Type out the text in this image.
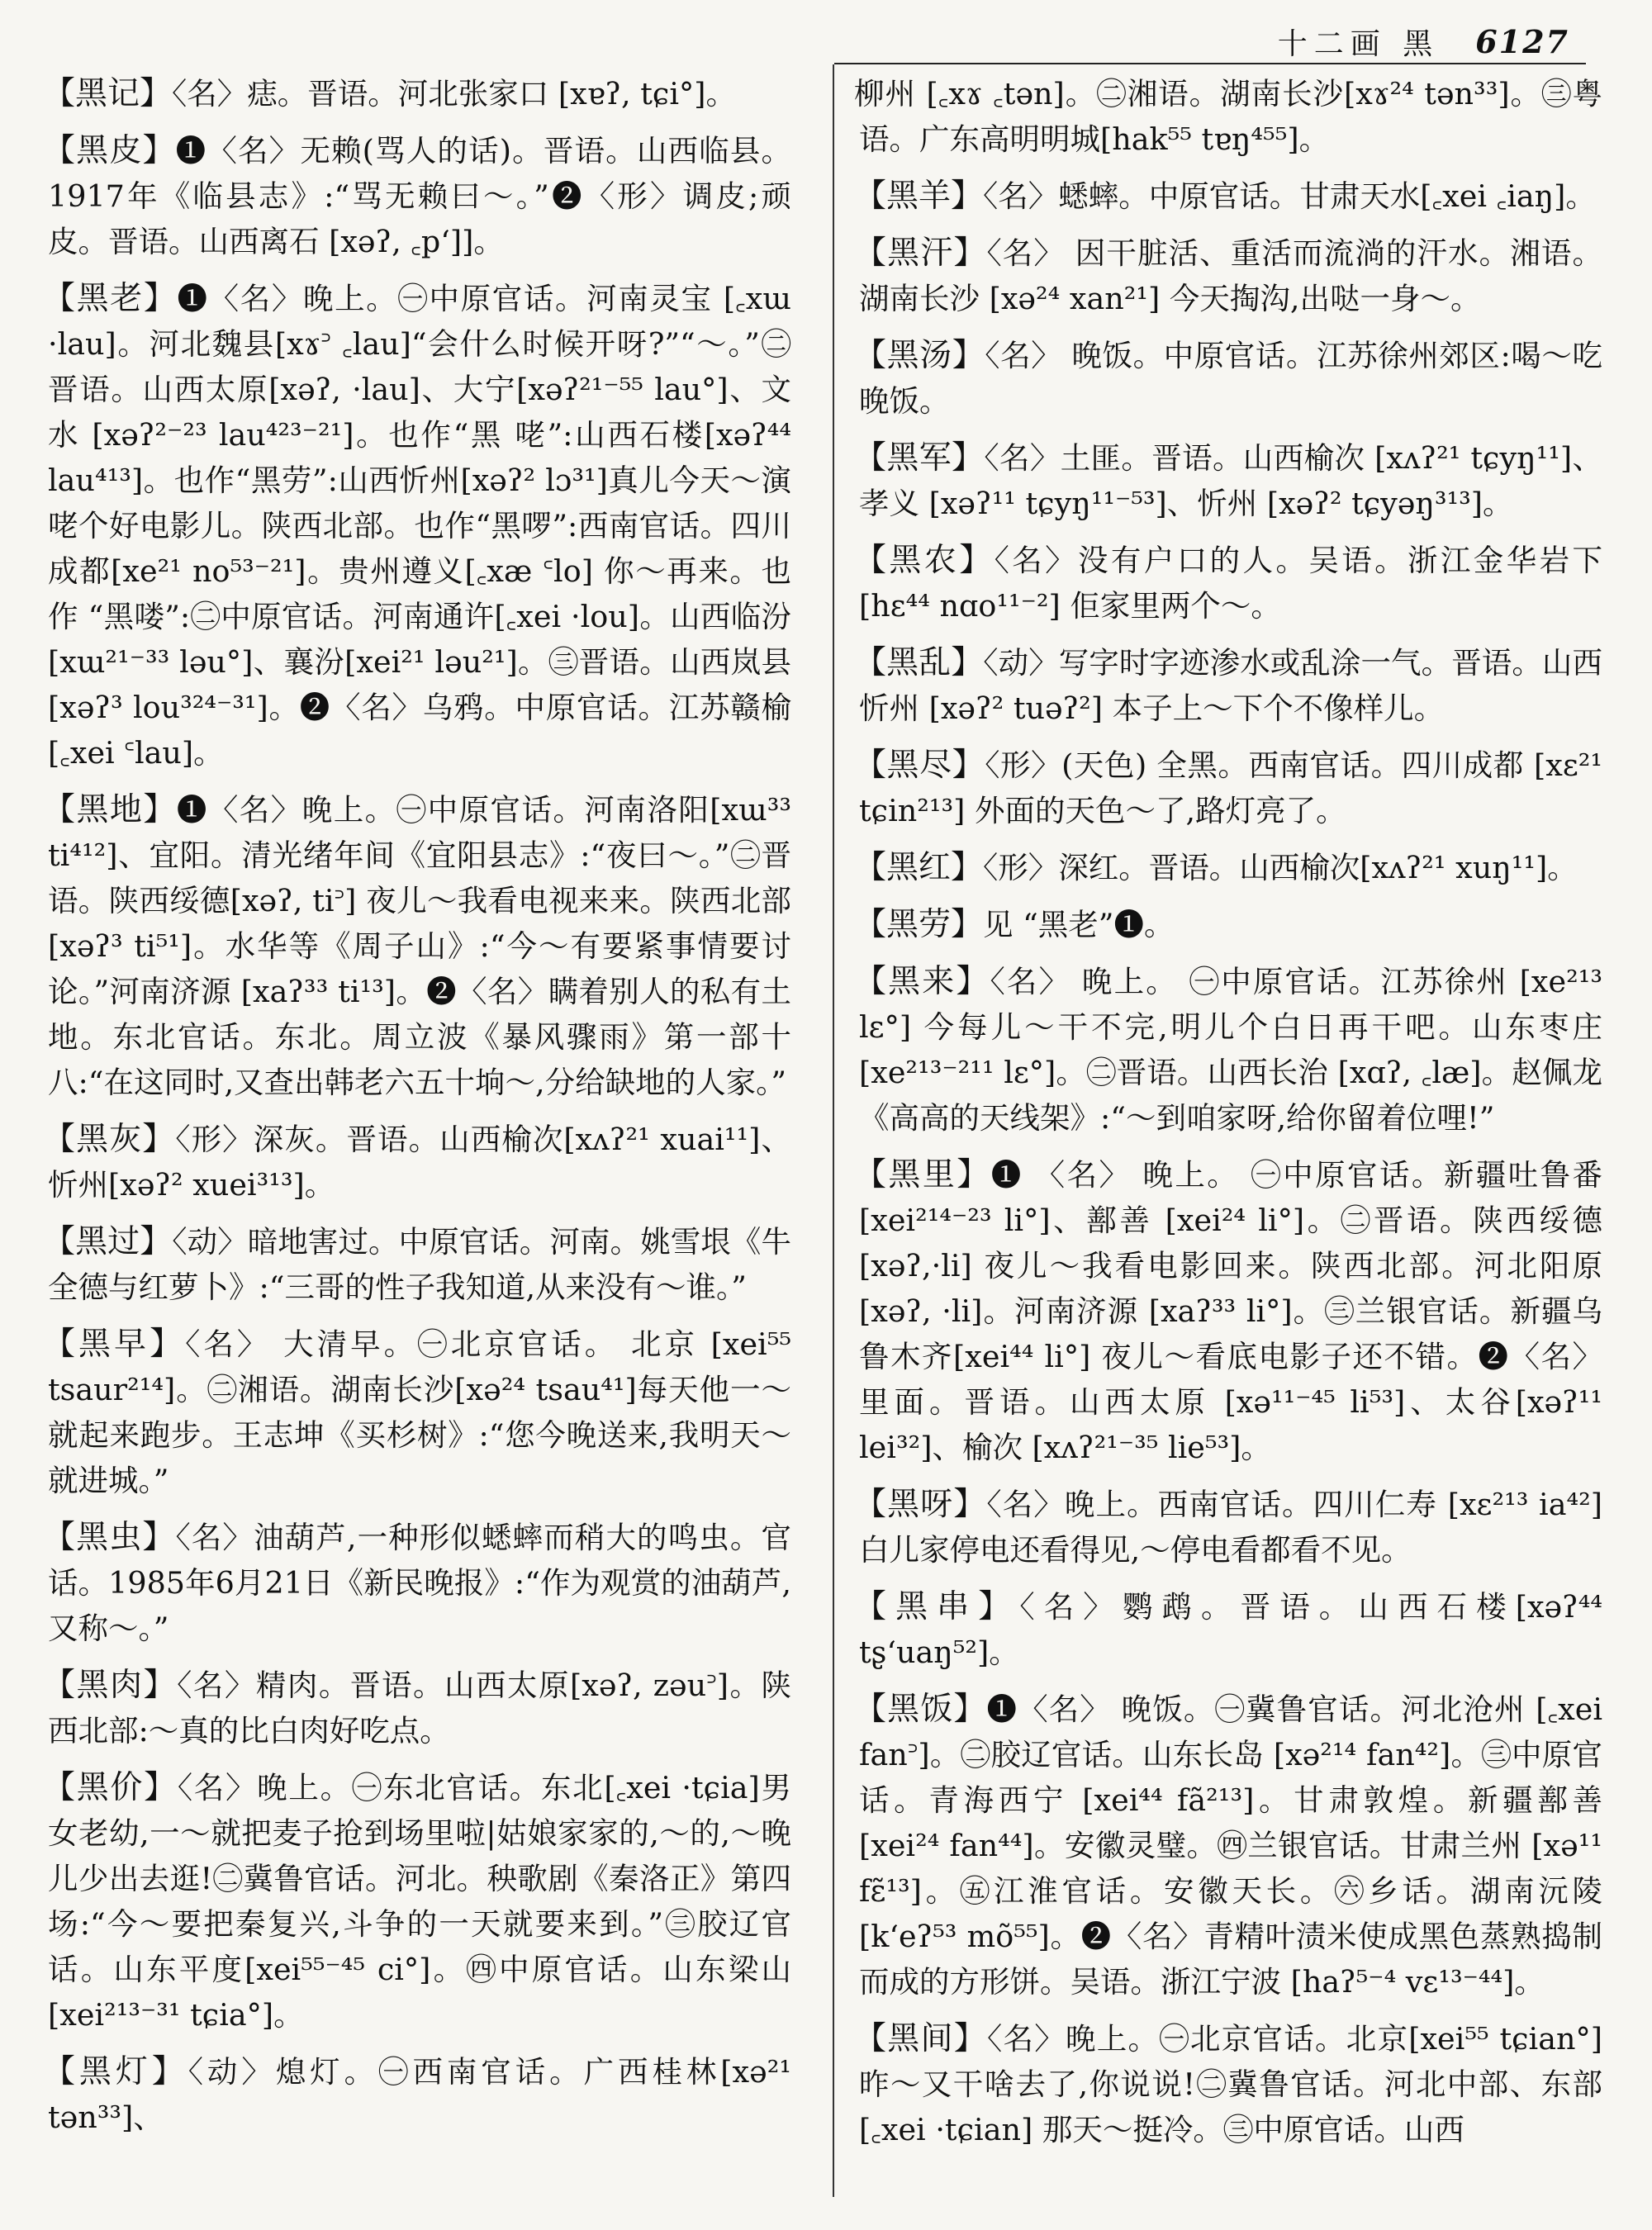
十二画 黑 6127
【黑记】〈名〉痣。晋语。河北张家口 [xɐʔ, tɕi°]。
【黑皮】❶〈名〉无赖(骂人的话)。晋语。山西临县。1917年《临县志》:“骂无赖曰～。”❷〈形〉调皮;顽皮。晋语。山西离石 [xəʔ, ꜀pʻ]]。
【黑老】❶〈名〉晚上。㊀中原官话。河南灵宝 [꜀xɯ ·lau]。河北魏县[xɤ꜄ ꜀lau]“会什么时候开呀?”“～。”㊁晋语。山西太原[xəʔ, ·lau]、大宁[xəʔ²¹⁻⁵⁵ lau°]、文水 [xəʔ²⁻²³ lau⁴²³⁻²¹]。也作“黑 咾”:山西石楼[xəʔ⁴⁴ lau⁴¹³]。也作“黑劳”:山西忻州[xəʔ² lɔ³¹]真儿今天～演咾个好电影儿。陕西北部。也作“黑啰”:西南官话。四川成都[xe²¹ no⁵³⁻²¹]。贵州遵义[꜀xæ ꜂lo] 你～再来。也作 “黑喽”:㊁中原官话。河南通许[꜀xei ·lou]。山西临汾 [xɯ²¹⁻³³ ləu°]、襄汾[xei²¹ ləu²¹]。㊂晋语。山西岚县[xəʔ³ lou³²⁴⁻³¹]。❷〈名〉乌鸦。中原官话。江苏赣榆 [꜀xei ꜂lau]。
【黑地】❶〈名〉晚上。㊀中原官话。河南洛阳[xɯ³³ ti⁴¹²]、宜阳。清光绪年间《宜阳县志》:“夜曰～。”㊁晋语。陕西绥德[xəʔ, ti꜄] 夜儿～我看电视来来。陕西北部[xəʔ³ ti⁵¹]。水华等《周子山》:“今～有要紧事情要讨论。”河南济源 [xaʔ³³ ti¹³]。❷〈名〉瞒着别人的私有土地。东北官话。东北。周立波《暴风骤雨》第一部十八:“在这同时,又查出韩老六五十垧～,分给缺地的人家。”
【黑灰】〈形〉深灰。晋语。山西榆次[xʌʔ²¹ xuai¹¹]、忻州[xəʔ² xuei³¹³]。
【黑过】〈动〉暗地害过。中原官话。河南。姚雪垠《牛全德与红萝卜》:“三哥的性子我知道,从来没有～谁。”
【黑早】〈名〉 大清早。㊀北京官话。 北京 [xei⁵⁵ tsaur²¹⁴]。㊁湘语。湖南长沙[xə²⁴ tsau⁴¹]每天他一～就起来跑步。王志坤《买杉树》:“您今晚送来,我明天～就进城。”
【黑虫】〈名〉油葫芦,一种形似蟋蟀而稍大的鸣虫。官话。1985年6月21日《新民晚报》:“作为观赏的油葫芦,又称～。”
【黑肉】〈名〉精肉。晋语。山西太原[xəʔ, zəu꜄]。陕西北部:～真的比白肉好吃点。
【黑价】〈名〉晚上。㊀东北官话。东北[꜀xei ·tɕia]男女老幼,一～就把麦子抢到场里啦|姑娘家家的,～的,～晚儿少出去逛!㊁冀鲁官话。河北。秧歌剧《秦洛正》第四场:“今～要把秦复兴,斗争的一天就要来到。”㊂胶辽官话。山东平度[xei⁵⁵⁻⁴⁵ ci°]。㊃中原官话。山东梁山[xei²¹³⁻³¹ tɕia°]。
【黑灯】〈动〉熄灯。㊀西南官话。广西桂林[xə²¹ tən³³]、
柳州 [꜀xɤ ꜀tən]。㊁湘语。湖南长沙[xɤ²⁴ tən³³]。㊂粤语。广东高明明城[hak⁵⁵ tɐŋ⁴⁵⁵]。
【黑羊】〈名〉蟋蟀。中原官话。甘肃天水[꜀xei ꜀iaŋ]。
【黑汗】〈名〉 因干脏活、重活而流淌的汗水。湘语。湖南长沙 [xə²⁴ xan²¹] 今天掏沟,出哒一身～。
【黑汤】〈名〉 晚饭。中原官话。江苏徐州郊区:喝～吃晚饭。
【黑军】〈名〉土匪。晋语。山西榆次 [xʌʔ²¹ tɕyŋ¹¹]、孝义 [xəʔ¹¹ tɕyŋ¹¹⁻⁵³]、忻州 [xəʔ² tɕyəŋ³¹³]。
【黑农】〈名〉没有户口的人。吴语。浙江金华岩下[hɛ⁴⁴ nɑo¹¹⁻²] 佢家里两个～。
【黑乱】〈动〉写字时字迹渗水或乱涂一气。晋语。山西忻州 [xəʔ² tuəʔ²] 本子上～下个不像样儿。
【黑尽】〈形〉(天色) 全黑。西南官话。四川成都 [xɛ²¹ tɕin²¹³] 外面的天色～了,路灯亮了。
【黑红】〈形〉深红。晋语。山西榆次[xʌʔ²¹ xuŋ¹¹]。
【黑劳】见 “黑老”❶。
【黑来】〈名〉 晚上。 ㊀中原官话。江苏徐州 [xe²¹³ lɛ°] 今每儿～干不完,明儿个白日再干吧。山东枣庄[xe²¹³⁻²¹¹ lɛ°]。㊁晋语。山西长治 [xɑʔ, ꜀læ]。赵佩龙《高高的天线架》:“～到咱家呀,给你留着位哩!”
【黑里】❶ 〈名〉 晚上。 ㊀中原官话。新疆吐鲁番[xei²¹⁴⁻²³ li°]、鄯善 [xei²⁴ li°]。㊁晋语。陕西绥德[xəʔ,·li] 夜儿～我看电影回来。陕西北部。河北阳原[xəʔ, ·li]。河南济源 [xaʔ³³ li°]。㊂兰银官话。新疆乌鲁木齐[xei⁴⁴ li°] 夜儿～看底电影子还不错。❷〈名〉里面。晋语。山西太原 [xə¹¹⁻⁴⁵ li⁵³]、太谷[xəʔ¹¹ lei³²]、榆次 [xʌʔ²¹⁻³⁵ lie⁵³]。
【黑呀】〈名〉晚上。西南官话。四川仁寿 [xɛ²¹³ ia⁴²] 白儿家停电还看得见,～停电看都看不见。
【黑串】〈名〉鹦鹉。晋语。山西石楼[xəʔ⁴⁴ tʂʻuaŋ⁵²]。
【黑饭】❶〈名〉 晚饭。㊀冀鲁官话。河北沧州 [꜀xei fan꜄]。㊁胶辽官话。山东长岛 [xə²¹⁴ fan⁴²]。㊂中原官话。青海西宁 [xei⁴⁴ fã²¹³]。甘肃敦煌。新疆鄯善 [xei²⁴ fan⁴⁴]。安徽灵璧。㊃兰银官话。甘肃兰州 [xə¹¹ fɛ̃¹³]。㊄江淮官话。安徽天长。㊅乡话。湖南沅陵 [kʻeʔ⁵³ mõ⁵⁵]。❷〈名〉青精叶渍米使成黑色蒸熟捣制而成的方形饼。吴语。浙江宁波 [haʔ⁵⁻⁴ vɛ¹³⁻⁴⁴]。
【黑间】〈名〉晚上。㊀北京官话。北京[xei⁵⁵ tɕian°] 昨～又干啥去了,你说说!㊁冀鲁官话。河北中部、东部[꜀xei ·tɕian] 那天～挺冷。㊂中原官话。山西
